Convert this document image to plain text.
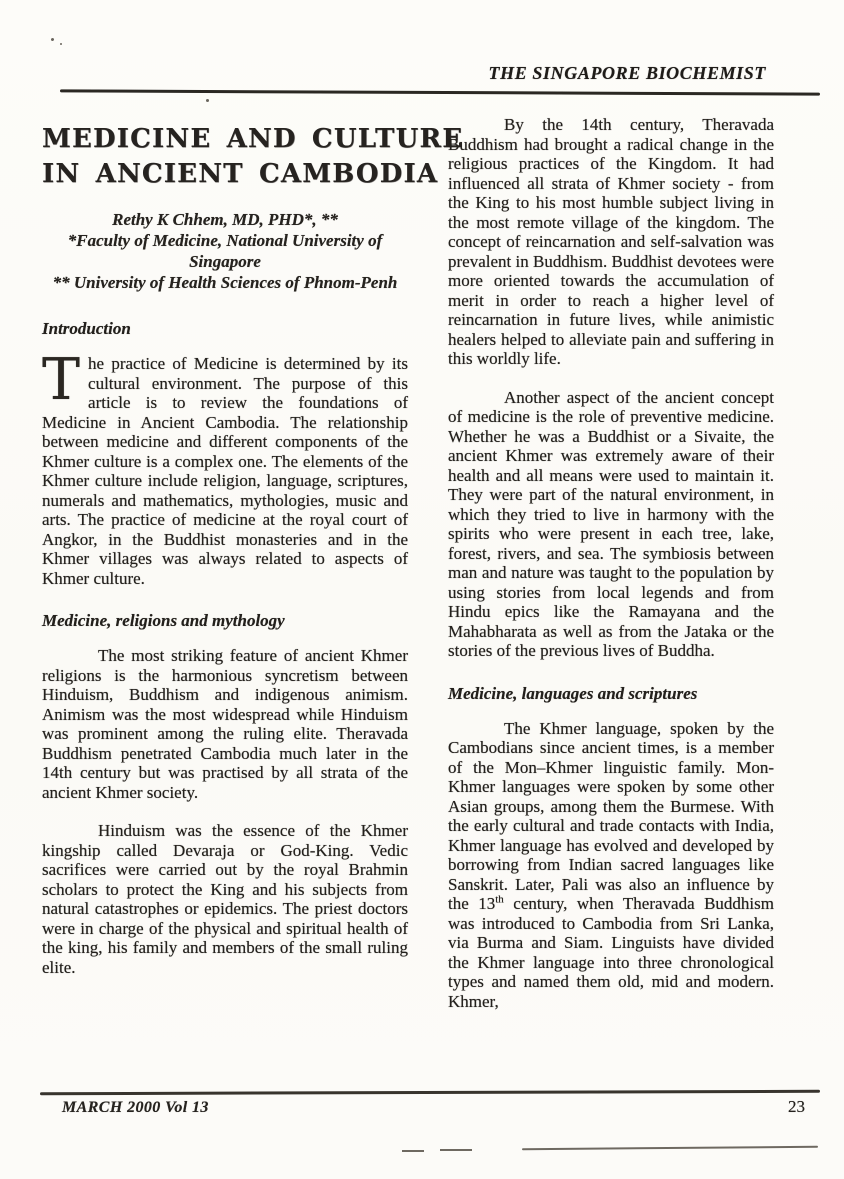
THE SINGAPORE BIOCHEMIST
MEDICINE AND CULTURE
IN ANCIENT CAMBODIA
Rethy K Chhem, MD, PHD*, **
*Faculty of Medicine, National University of Singapore
** University of Health Sciences of Phnom-Penh
Introduction

The practice of Medicine is determined by its cultural environment. The purpose of this article is to review the foundations of Medicine in Ancient Cambodia. The relationship between medicine and different components of the Khmer culture is a complex one. The elements of the Khmer culture include religion, language, scriptures, numerals and mathematics, mythologies, music and arts. The practice of medicine at the royal court of Angkor, in the Buddhist monasteries and in the Khmer villages was always related to aspects of Khmer culture.

Medicine, religions and mythology

The most striking feature of ancient Khmer religions is the harmonious syncretism between Hinduism, Buddhism and indigenous animism. Animism was the most widespread while Hinduism was prominent among the ruling elite. Theravada Buddhism penetrated Cambodia much later in the 14th century but was practised by all strata of the ancient Khmer society.

Hinduism was the essence of the Khmer kingship called Devaraja or God-King. Vedic sacrifices were carried out by the royal Brahmin scholars to protect the King and his subjects from natural catastrophes or epidemics. The priest doctors were in charge of the physical and spiritual health of the king, his family and members of the small ruling elite.

By the 14th century, Theravada Buddhism had brought a radical change in the religious practices of the Kingdom. It had influenced all strata of Khmer society - from the King to his most humble subject living in the most remote village of the kingdom. The concept of reincarnation and self-salvation was prevalent in Buddhism. Buddhist devotees were more oriented towards the accumulation of merit in order to reach a higher level of reincarnation in future lives, while animistic healers helped to alleviate pain and suffering in this worldly life.

Another aspect of the ancient concept of medicine is the role of preventive medicine. Whether he was a Buddhist or a Sivaite, the ancient Khmer was extremely aware of their health and all means were used to maintain it. They were part of the natural environment, in which they tried to live in harmony with the spirits who were present in each tree, lake, forest, rivers, and sea. The symbiosis between man and nature was taught to the population by using stories from local legends and from Hindu epics like the Ramayana and the Mahabharata as well as from the Jataka or the stories of the previous lives of Buddha.

Medicine, languages and scriptures

The Khmer language, spoken by the Cambodians since ancient times, is a member of the Mon–Khmer linguistic family. Mon-Khmer languages were spoken by some other Asian groups, among them the Burmese. With the early cultural and trade contacts with India, Khmer language has evolved and developed by borrowing from Indian sacred languages like Sanskrit. Later, Pali was also an influence by the 13th century, when Theravada Buddhism was introduced to Cambodia from Sri Lanka, via Burma and Siam. Linguists have divided the Khmer language into three chronological types and named them old, mid and modern. Khmer,

MARCH 2000 Vol 13	23
